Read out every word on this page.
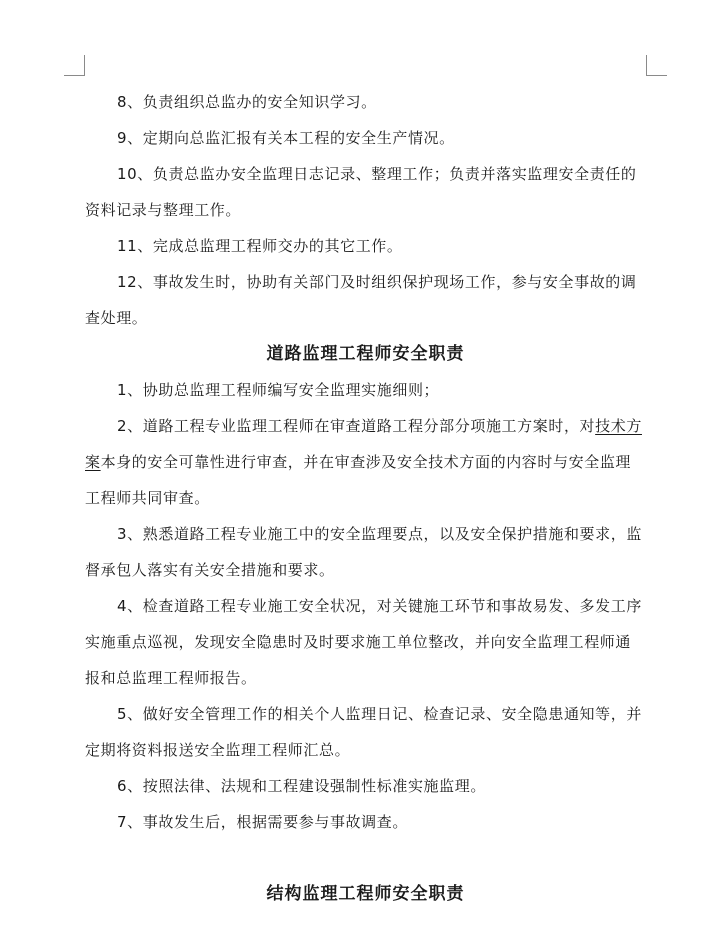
8、负责组织总监办的安全知识学习。

9、定期向总监汇报有关本工程的安全生产情况。

10、负责总监办安全监理日志记录、整理工作；负责并落实监理安全责任的资料记录与整理工作。

11、完成总监理工程师交办的其它工作。

12、事故发生时，协助有关部门及时组织保护现场工作，参与安全事故的调查处理。

道路监理工程师安全职责

1、协助总监理工程师编写安全监理实施细则；

2、道路工程专业监理工程师在审查道路工程分部分项施工方案时，对技术方案本身的安全可靠性进行审查，并在审查涉及安全技术方面的内容时与安全监理工程师共同审查。

3、熟悉道路工程专业施工中的安全监理要点，以及安全保护措施和要求，监督承包人落实有关安全措施和要求。

4、检查道路工程专业施工安全状况，对关键施工环节和事故易发、多发工序实施重点巡视，发现安全隐患时及时要求施工单位整改，并向安全监理工程师通报和总监理工程师报告。

5、做好安全管理工作的相关个人监理日记、检查记录、安全隐患通知等，并定期将资料报送安全监理工程师汇总。

6、按照法律、法规和工程建设强制性标准实施监理。

7、事故发生后，根据需要参与事故调查。

结构监理工程师安全职责
